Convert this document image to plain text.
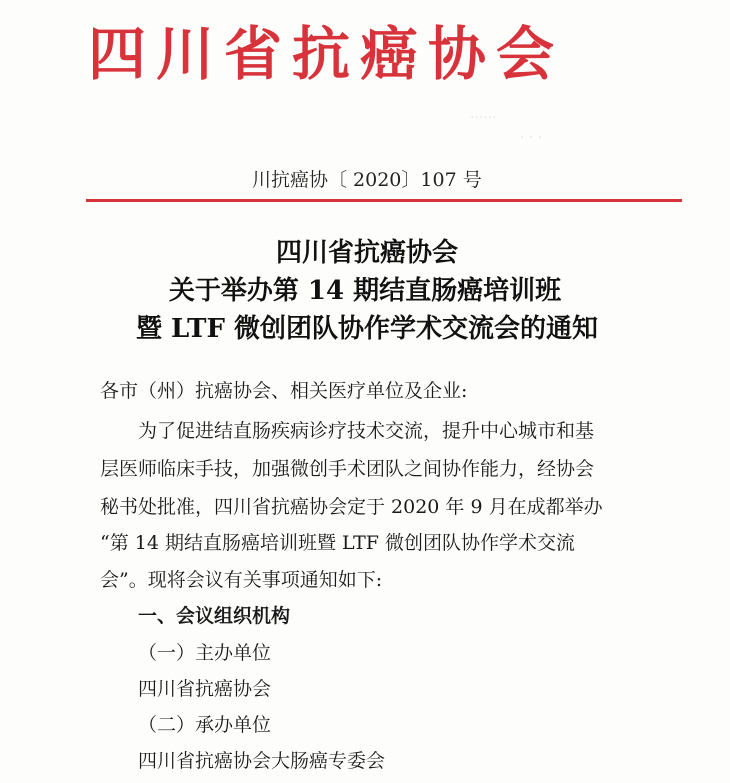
······
· · ·
四川省抗癌协会
川抗癌协〔 2020〕107 号
四川省抗癌协会
关于举办第 14 期结直肠癌培训班
暨 LTF 微创团队协作学术交流会的通知
各市（州）抗癌协会、相关医疗单位及企业:
为了促进结直肠疾病诊疗技术交流，提升中心城市和基
层医师临床手技，加强微创手术团队之间协作能力，经协会
秘书处批准，四川省抗癌协会定于 2020 年 9 月在成都举办
“第 14 期结直肠癌培训班暨 LTF 微创团队协作学术交流
会”。现将会议有关事项通知如下:
一、会议组织机构
（一）主办单位
四川省抗癌协会
（二）承办单位
四川省抗癌协会大肠癌专委会
